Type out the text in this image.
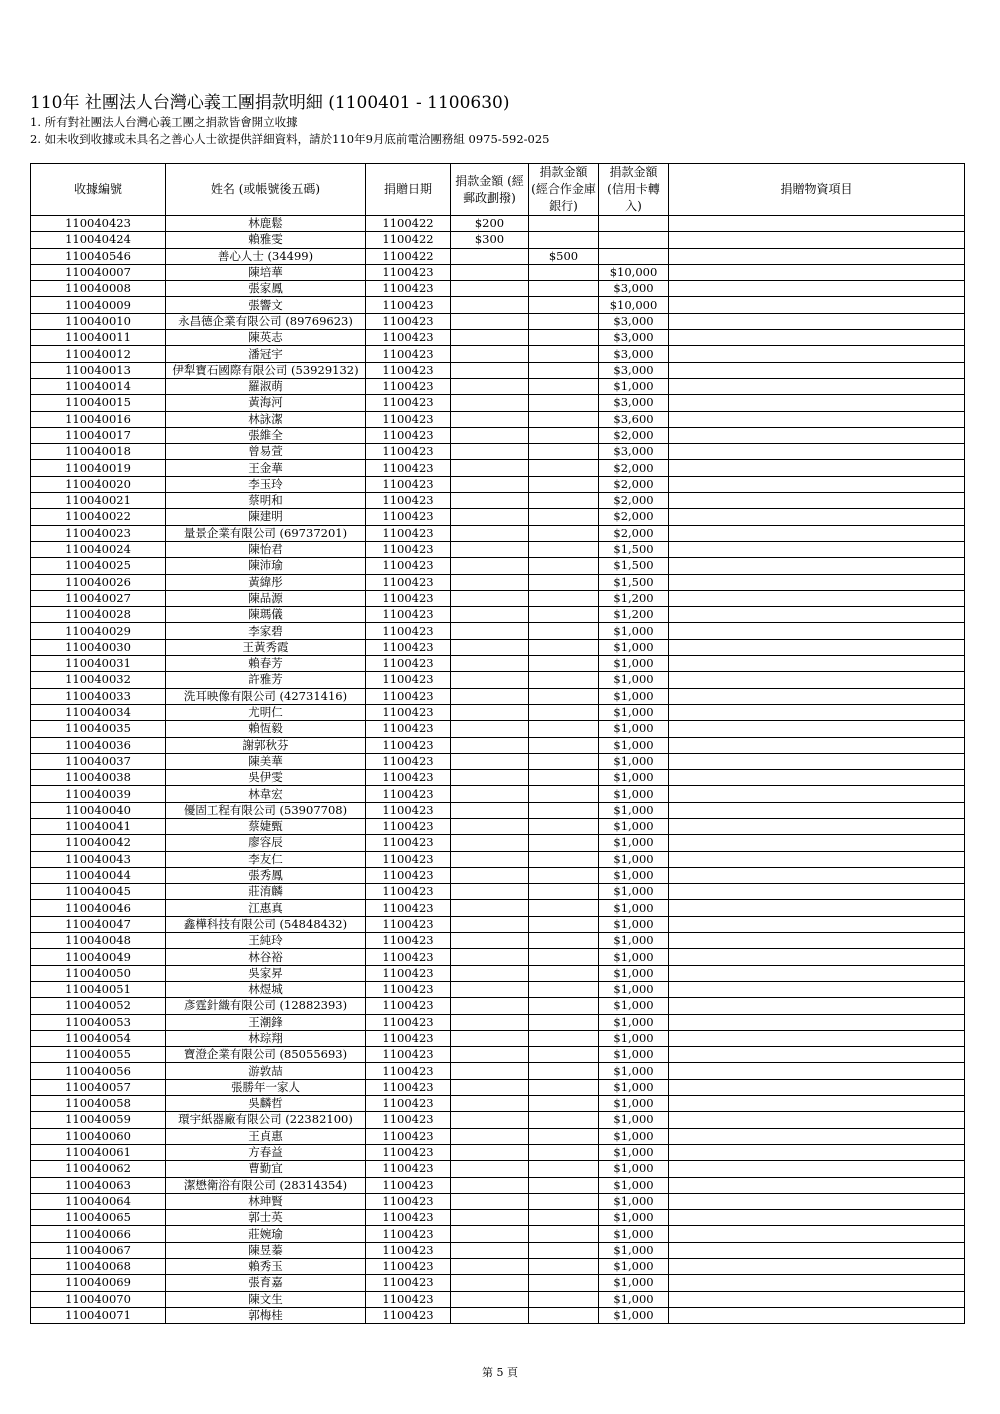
110年 社團法人台灣心義工團捐款明細 (1100401 - 1100630)
1. 所有對社團法人台灣心義工團之捐款皆會開立收據
2. 如未收到收據或未具名之善心人士欲提供詳細資料，請於110年9月底前電洽團務組 0975-592-025
收據編號	姓名 (或帳號後五碼)	捐贈日期	捐款金額 (經郵政劃撥)	捐款金額 (經合作金庫銀行)	捐款金額 (信用卡轉入)	捐贈物資項目
110040423	林鹿鬆	1100422	$200			
110040424	賴雅雯	1100422	$300			
110040546	善心人士 (34499)	1100422		$500		
110040007	陳培華	1100423			$10,000	
110040008	張家鳳	1100423			$3,000	
110040009	張響文	1100423			$10,000	
110040010	永昌德企業有限公司 (89769623)	1100423			$3,000	
110040011	陳英志	1100423			$3,000	
110040012	潘冠宇	1100423			$3,000	
110040013	伊犁寶石國際有限公司 (53929132)	1100423			$3,000	
110040014	羅淑萌	1100423			$1,000	
110040015	黃海河	1100423			$3,000	
110040016	林詠潔	1100423			$3,600	
110040017	張維全	1100423			$2,000	
110040018	曾易萱	1100423			$3,000	
110040019	王金華	1100423			$2,000	
110040020	李玉玲	1100423			$2,000	
110040021	蔡明和	1100423			$2,000	
110040022	陳建明	1100423			$2,000	
110040023	量景企業有限公司 (69737201)	1100423			$2,000	
110040024	陳怡君	1100423			$1,500	
110040025	陳沛瑜	1100423			$1,500	
110040026	黃緯彤	1100423			$1,500	
110040027	陳品源	1100423			$1,200	
110040028	陳瑪儀	1100423			$1,200	
110040029	李家碧	1100423			$1,000	
110040030	王黃秀霞	1100423			$1,000	
110040031	賴春芳	1100423			$1,000	
110040032	許雅芳	1100423			$1,000	
110040033	洗耳映像有限公司 (42731416)	1100423			$1,000	
110040034	尤明仁	1100423			$1,000	
110040035	賴恆毅	1100423			$1,000	
110040036	謝郭秋芬	1100423			$1,000	
110040037	陳美華	1100423			$1,000	
110040038	吳伊雯	1100423			$1,000	
110040039	林韋宏	1100423			$1,000	
110040040	優固工程有限公司 (53907708)	1100423			$1,000	
110040041	蔡婕甄	1100423			$1,000	
110040042	廖容辰	1100423			$1,000	
110040043	李友仁	1100423			$1,000	
110040044	張秀鳳	1100423			$1,000	
110040045	莊淯麟	1100423			$1,000	
110040046	江惠真	1100423			$1,000	
110040047	鑫樺科技有限公司 (54848432)	1100423			$1,000	
110040048	王純玲	1100423			$1,000	
110040049	林谷裕	1100423			$1,000	
110040050	吳家昇	1100423			$1,000	
110040051	林煜城	1100423			$1,000	
110040052	彥霆針織有限公司 (12882393)	1100423			$1,000	
110040053	王潮鋒	1100423			$1,000	
110040054	林琮翔	1100423			$1,000	
110040055	寶澄企業有限公司 (85055693)	1100423			$1,000	
110040056	游敦喆	1100423			$1,000	
110040057	張勝年一家人	1100423			$1,000	
110040058	吳麟哲	1100423			$1,000	
110040059	環宇紙器廠有限公司 (22382100)	1100423			$1,000	
110040060	王貞惠	1100423			$1,000	
110040061	方春益	1100423			$1,000	
110040062	曹勤宜	1100423			$1,000	
110040063	潔懋衛浴有限公司 (28314354)	1100423			$1,000	
110040064	林珅賢	1100423			$1,000	
110040065	郭士英	1100423			$1,000	
110040066	莊婉瑜	1100423			$1,000	
110040067	陳昱蓁	1100423			$1,000	
110040068	賴秀玉	1100423			$1,000	
110040069	張育嘉	1100423			$1,000	
110040070	陳文生	1100423			$1,000	
110040071	郭梅桂	1100423			$1,000	
第 5 頁
